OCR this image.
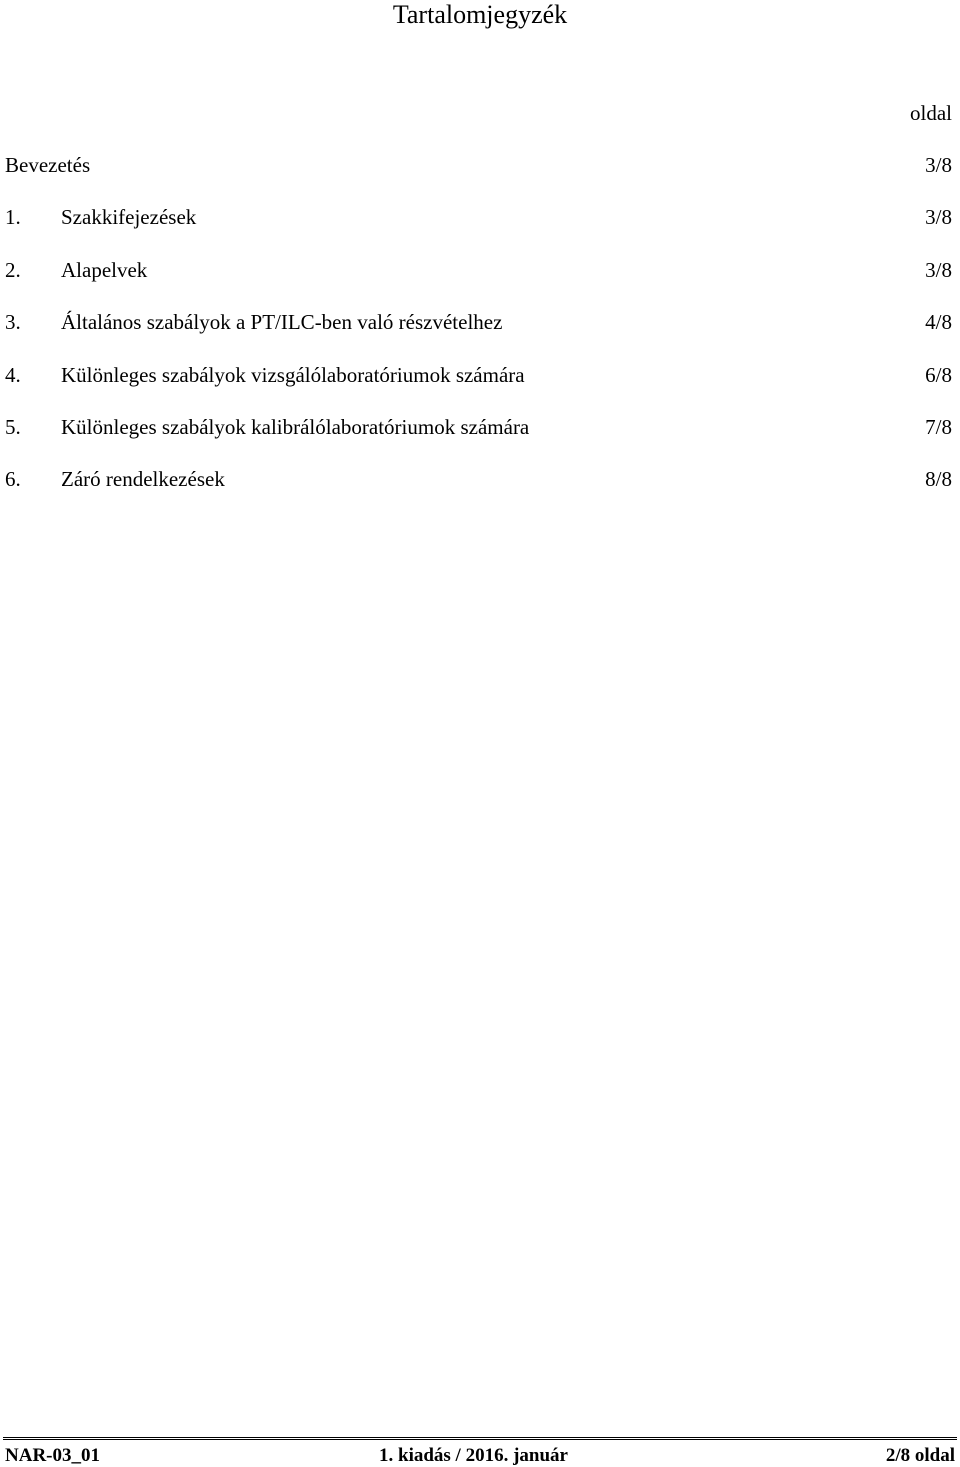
Tartalomjegyzék
oldal
Bevezetés	3/8
1. Szakkifejezések	3/8
2. Alapelvek	3/8
3. Általános szabályok a PT/ILC-ben való részvételhez	4/8
4. Különleges szabályok vizsgálólaboratóriumok számára	6/8
5. Különleges szabályok kalibrálólaboratóriumok számára	7/8
6. Záró rendelkezések	8/8
NAR-03_01	1. kiadás / 2016. január	2/8 oldal
